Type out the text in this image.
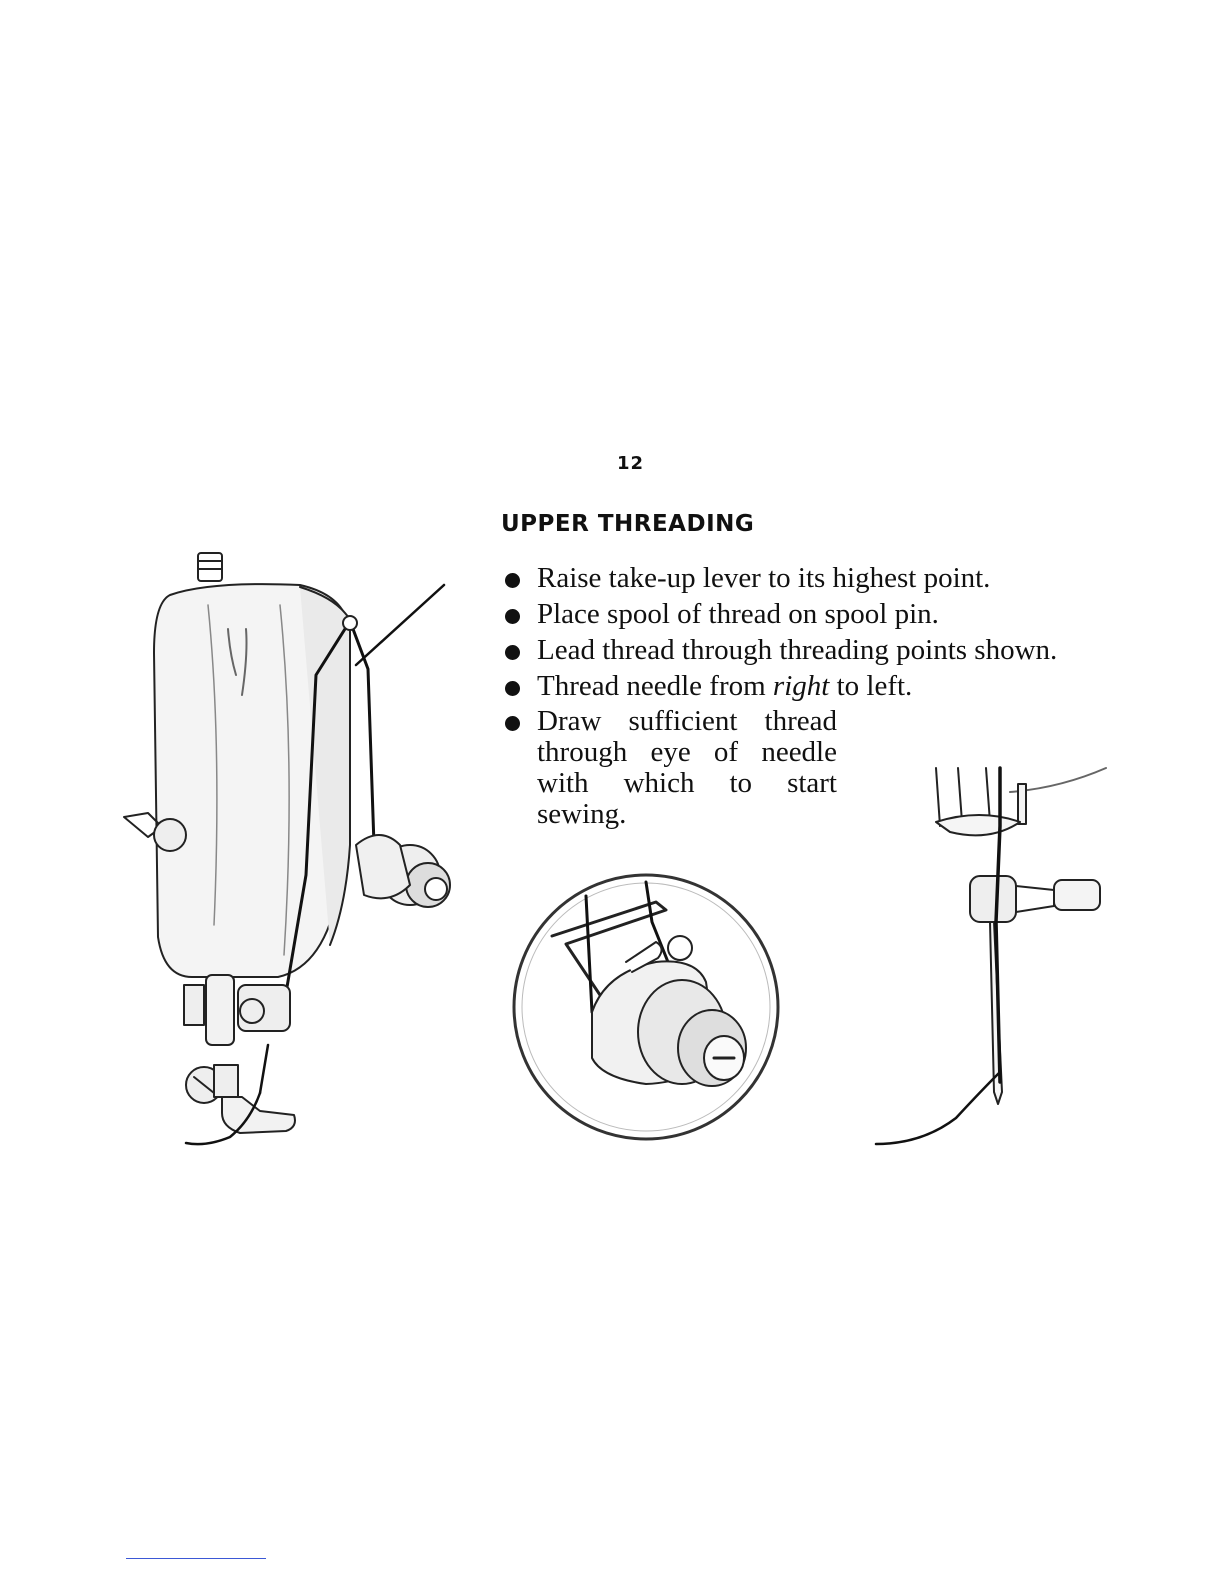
12
UPPER THREADING
Raise take-up lever to its highest point.
Place spool of thread on spool pin.
Lead thread through threading points shown.
Thread needle from right to left.
Draw sufficient thread through eye of needle with which to start sewing.
